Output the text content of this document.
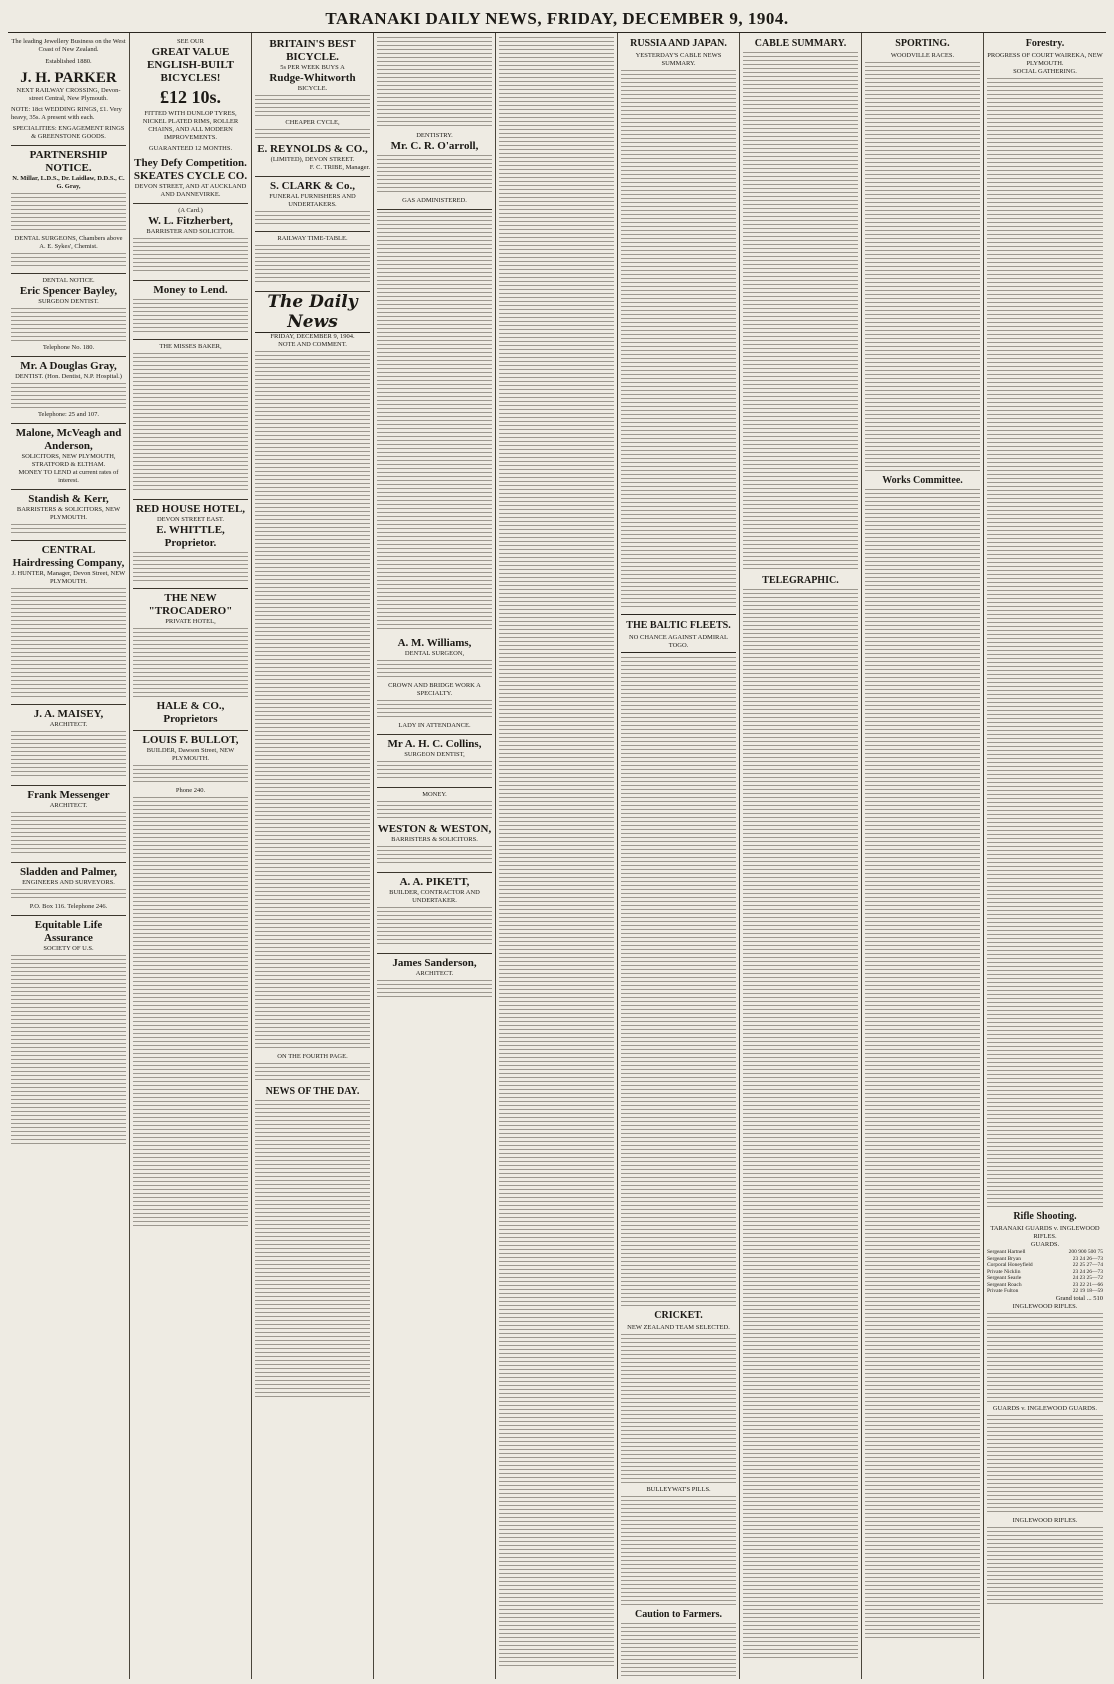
TARANAKI DAILY NEWS, FRIDAY, DECEMBER 9, 1904.
The leading Jewellery Business on the West Coast of New Zealand.
Established 1880.
J. H. PARKER
NEXT RAILWAY CROSSING, Devon-street Central, New Plymouth.
NOTE: 18ct WEDDING RINGS, £1. Very heavy, 35s. A present with each.
SPECIALITIES: ENGAGEMENT RINGS & GREENSTONE GOODS.
PARTNERSHIP NOTICE.
N. Millar, L.D.S., Dr. Laidlaw, D.D.S., C. G. Gray,
DENTAL SURGEONS, Chambers above A. E. Sykes', Chemist.
DENTAL NOTICE.
Eric Spencer Bayley,
SURGEON DENTIST.
Telephone No. 180.
Mr. A Douglas Gray,
DENTIST. (Hon. Dentist, N.P. Hospital.)
Telephone: 25 and 107.
Malone, McVeagh and Anderson,
SOLICITORS, NEW PLYMOUTH, STRATFORD & ELTHAM.
MONEY TO LEND at current rates of interest.
Standish & Kerr,
BARRISTERS & SOLICITORS, NEW PLYMOUTH.
CENTRAL
Hairdressing Company,
J. HUNTER, Manager, Devon Street, NEW PLYMOUTH.
J. A. MAISEY,
ARCHITECT.
Frank Messenger
ARCHITECT.
Sladden and Palmer,
ENGINEERS AND SURVEYORS.
P.O. Box 116. Telephone 246.
Equitable Life Assurance
SOCIETY OF U.S.
SEE OUR
GREAT VALUE ENGLISH-BUILT BICYCLES!
£12 10s.
FITTED WITH DUNLOP TYRES, NICKEL PLATED RIMS, ROLLER CHAINS, AND ALL MODERN IMPROVEMENTS.
GUARANTEED 12 MONTHS.
They Defy Competition.
SKEATES CYCLE CO.
DEVON STREET, AND AT AUCKLAND AND DANNEVIRKE.
(A Card.)
W. L. Fitzherbert,
BARRISTER AND SOLICITOR.
Money to Lend.
THE MISSES BAKER,
RED HOUSE HOTEL,
DEVON STREET EAST.
E. WHITTLE, Proprietor.
THE NEW "TROCADERO"
PRIVATE HOTEL,
HALE & CO., Proprietors
LOUIS F. BULLOT,
BUILDER, Dawson Street, NEW PLYMOUTH.
Phone 240.
BRITAIN'S BEST BICYCLE.
5s PER WEEK BUYS A
Rudge-Whitworth
BICYCLE.
CHEAPER CYCLE,
E. REYNOLDS & CO.,
(LIMITED), DEVON STREET.
F. C. TRIBE, Manager.
S. CLARK & Co.,
FUNERAL FURNISHERS AND UNDERTAKERS.
RAILWAY TIME-TABLE.
The Daily News
FRIDAY, DECEMBER 9, 1904.
NOTE AND COMMENT.
ON THE FOURTH PAGE.
NEWS OF THE DAY.
DENTISTRY.
Mr. C. R. O'arroll,
GAS ADMINISTERED.
A. M. Williams,
DENTAL SURGEON,
CROWN AND BRIDGE WORK A SPECIALTY.
LADY IN ATTENDANCE.
Mr A. H. C. Collins,
SURGEON DENTIST,
MONEY.
WESTON & WESTON,
BARRISTERS & SOLICITORS.
A. A. PIKETT,
BUILDER, CONTRACTOR AND UNDERTAKER.
James Sanderson,
ARCHITECT.
RUSSIA AND JAPAN.
YESTERDAY'S CABLE NEWS SUMMARY.
THE BALTIC FLEETS.
NO CHANCE AGAINST ADMIRAL TOGO.
CRICKET.
NEW ZEALAND TEAM SELECTED.
BULLEYWAT'S PILLS.
Caution to Farmers.
CABLE SUMMARY.
TELEGRAPHIC.
SPORTING.
WOODVILLE RACES.
Works Committee.
Forestry.
PROGRESS OF COURT WAIREKA, NEW PLYMOUTH.
SOCIAL GATHERING.
Rifle Shooting.
TARANAKI GUARDS v. INGLEWOOD RIFLES.
GUARDS.
Sergeant Hartnell	200 900 500 75
Sergeant Bryan	23 24 26—73
Corporal Honeyfield	22 25 27—74
Private Nicklin	23 24 26—73
Sergeant Searle	24 23 25—72
Sergeant Roach	23 22 21—66
Private Fulton	22 19 18—59
Grand total ... 510
INGLEWOOD RIFLES.
GUARDS v. INGLEWOOD GUARDS.
INGLEWOOD RIFLES.
